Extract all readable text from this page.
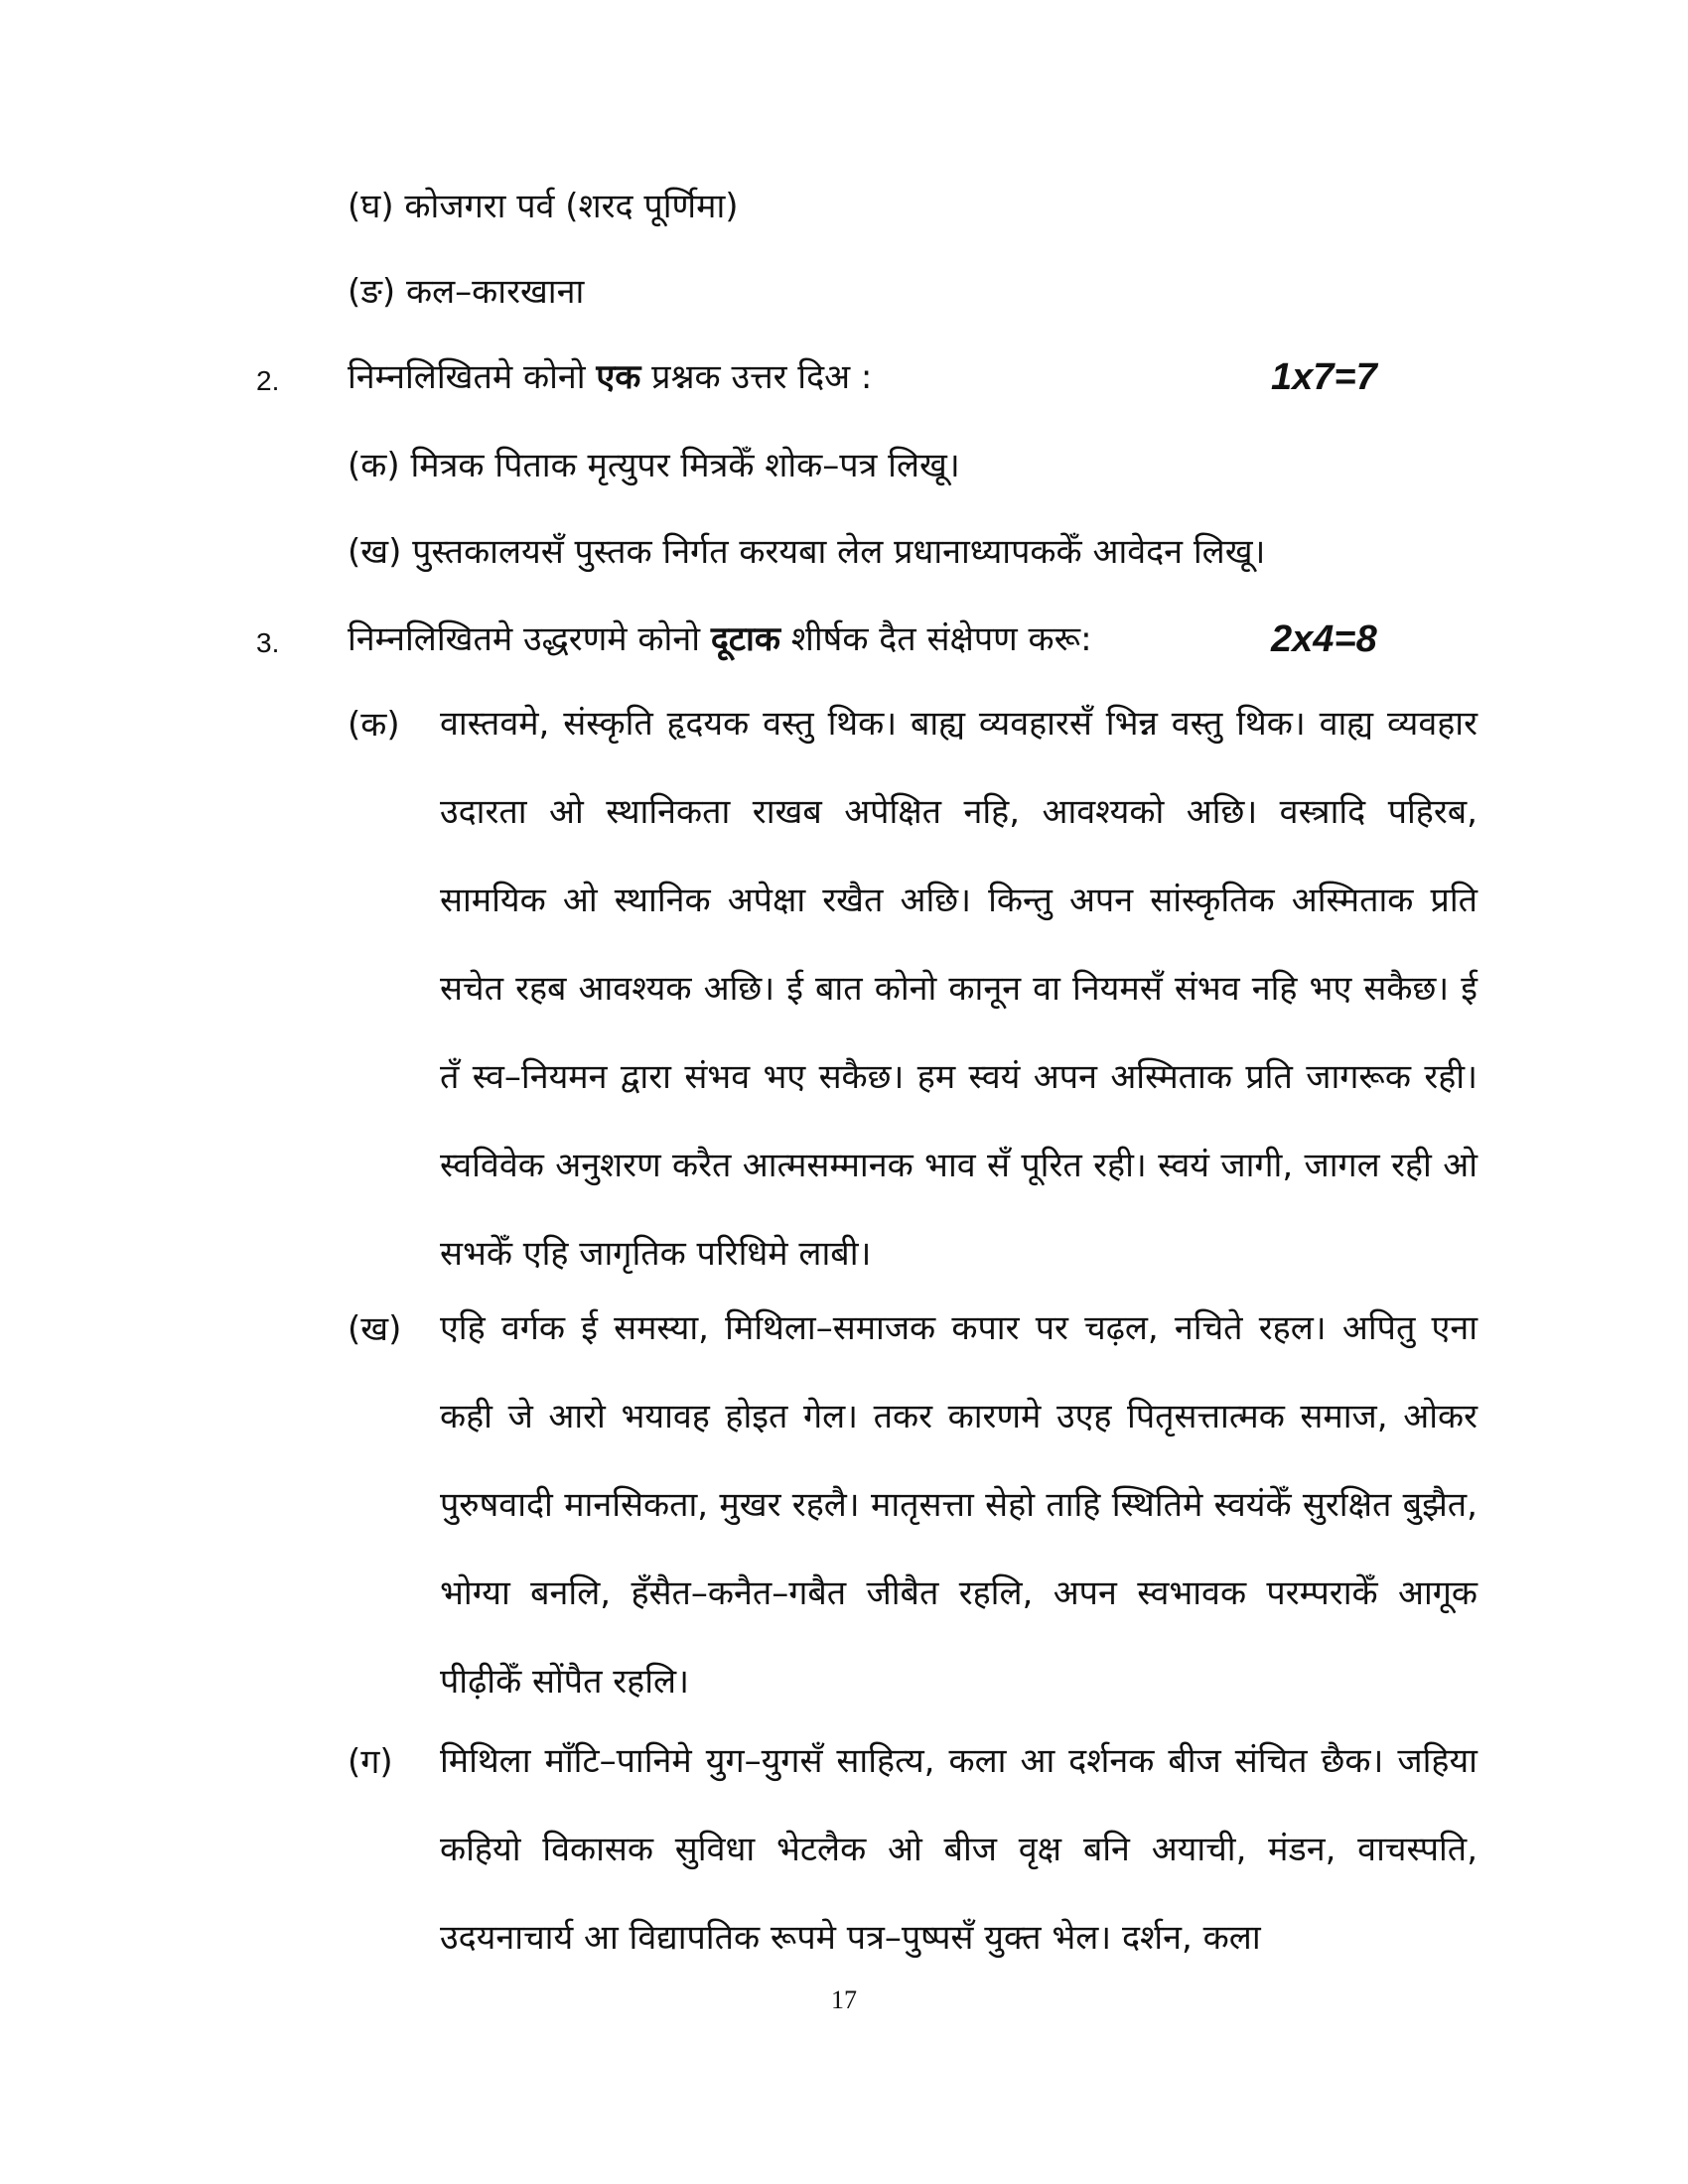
(घ) कोजगरा पर्व (शरद पूर्णिमा)
(ङ) कल–कारखाना
2. निम्नलिखितमे कोनो एक प्रश्नक उत्तर दिअ :	1x7=7
(क) मित्रक पिताक मृत्युपर मित्रकेँ शोक–पत्र लिखू।
(ख) पुस्तकालयसँ पुस्तक निर्गत करयबा लेल प्रधानाध्यापककेँ आवेदन लिखू।
3. निम्नलिखितमे उद्धरणमे कोनो दूटाक शीर्षक दैत संक्षेपण करू:	2x4=8
(क) वास्तवमे, संस्कृति हृदयक वस्तु थिक। बाह्य व्यवहारसँ भिन्न वस्तु थिक। वाह्य व्यवहार उदारता ओ स्थानिकता राखब अपेक्षित नहि, आवश्यको अछि। वस्त्रादि पहिरब, सामयिक ओ स्थानिक अपेक्षा रखैत अछि। किन्तु अपन सांस्कृतिक अस्मिताक प्रति सचेत रहब आवश्यक अछि। ई बात कोनो कानून वा नियमसँ संभव नहि भए सकैछ। ई तँ स्व–नियमन द्वारा संभव भए सकैछ। हम स्वयं अपन अस्मिताक प्रति जागरूक रही। स्वविवेक अनुशरण करैत आत्मसम्मानक भाव सँ पूरित रही। स्वयं जागी, जागल रही ओ सभकेँ एहि जागृतिक परिधिमे लाबी।
(ख) एहि वर्गक ई समस्या, मिथिला–समाजक कपार पर चढ़ल, नचिते रहल। अपितु एना कही जे आरो भयावह होइत गेल। तकर कारणमे उएह पितृसत्तात्मक समाज, ओकर पुरुषवादी मानसिकता, मुखर रहलै। मातृसत्ता सेहो ताहि स्थितिमे स्वयंकेँ सुरक्षित बुझैत, भोग्या बनलि, हँसैत–कनैत–गबैत जीबैत रहलि, अपन स्वभावक परम्पराकेँ आगूक पीढ़ीकेँ सोंपैत रहलि।
(ग) मिथिला माँटि–पानिमे युग–युगसँ साहित्य, कला आ दर्शनक बीज संचित छैक। जहिया कहियो विकासक सुविधा भेटलैक ओ बीज वृक्ष बनि अयाची, मंडन, वाचस्पति, उदयनाचार्य आ विद्यापतिक रूपमे पत्र–पुष्पसँ युक्त भेल। दर्शन, कला
17
